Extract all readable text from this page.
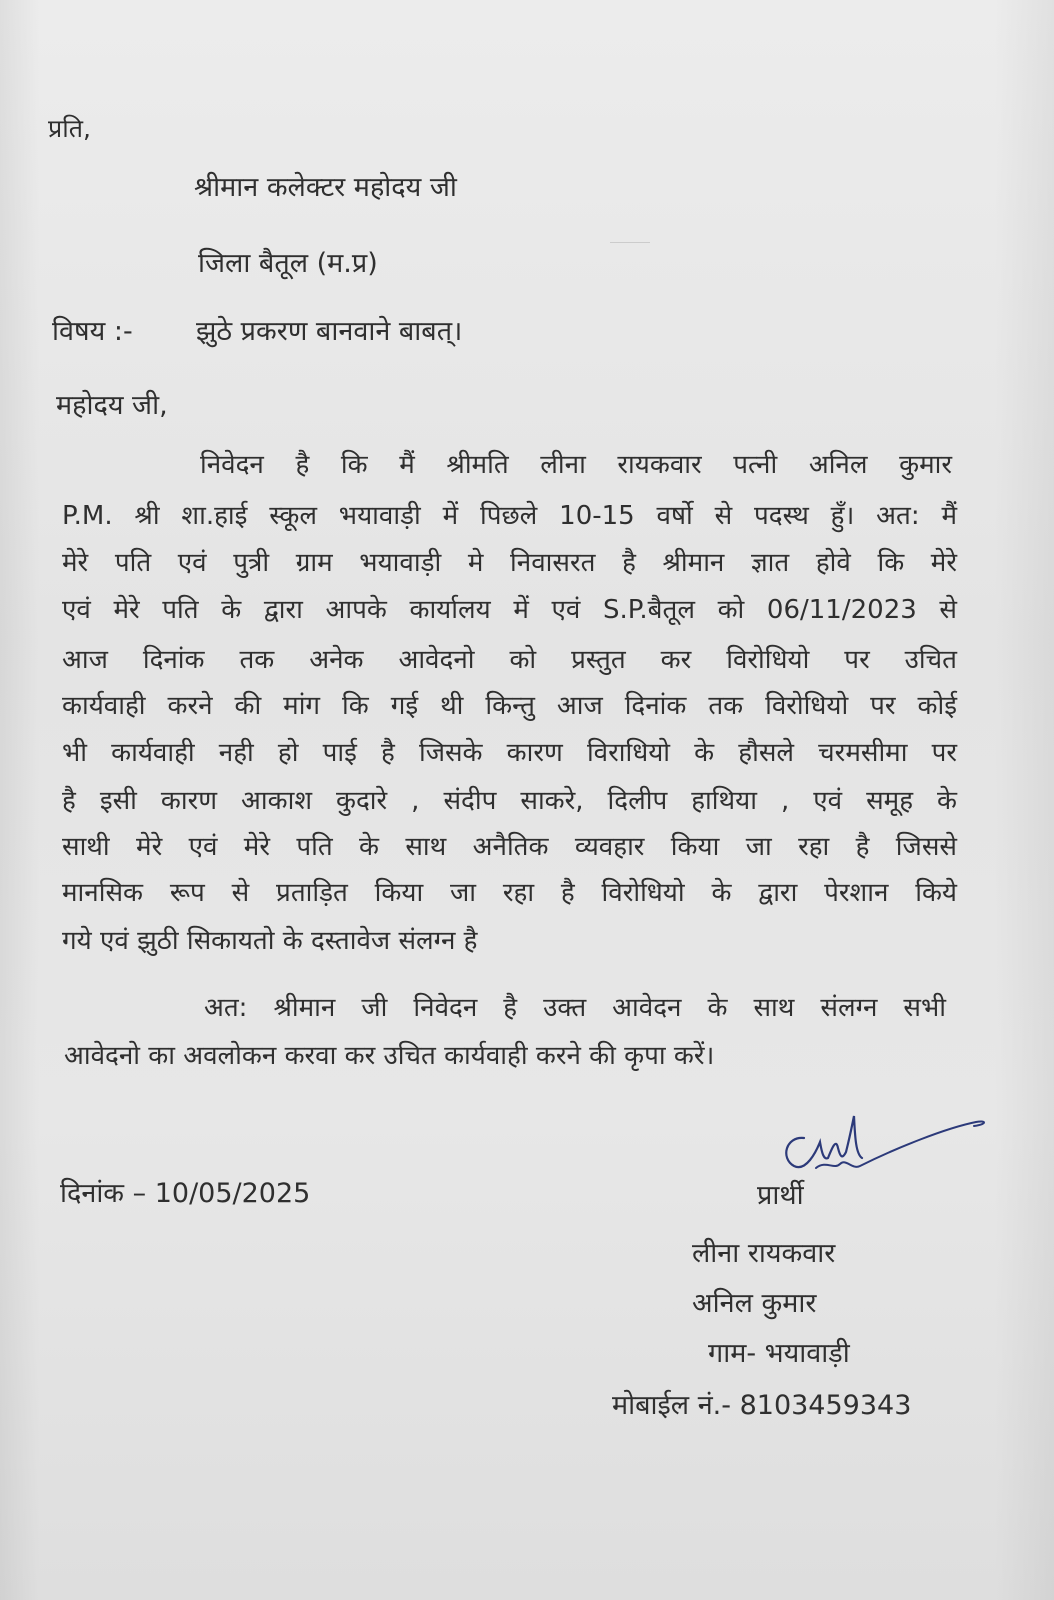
प्रति,
श्रीमान कलेक्टर महोदय जी
जिला बैतूल (म.प्र)
विषय :- झुठे प्रकरण बानवाने बाबत्।
महोदय जी,
निवेदन है कि मैं श्रीमति लीना रायकवार पत्नी अनिल कुमार
P.M. श्री शा.हाई स्कूल भयावाड़ी में पिछले 10-15 वर्षो से पदस्थ हुँ। अत: मैं
मेरे पति एवं पुत्री ग्राम भयावाड़ी मे निवासरत है श्रीमान ज्ञात होवे कि मेरे
एवं मेरे पति के द्वारा आपके कार्यालय में एवं S.P.बैतूल को 06/11/2023 से
आज दिनांक तक अनेक आवेदनो को प्रस्तुत कर विरोधियो पर उचित
कार्यवाही करने की मांग कि गई थी किन्तु आज दिनांक तक विरोधियो पर कोई
भी कार्यवाही नही हो पाई है जिसके कारण विराधियो के हौसले चरमसीमा पर
है इसी कारण आकाश कुदारे , संदीप साकरे, दिलीप हाथिया , एवं समूह के
साथी मेरे एवं मेरे पति के साथ अनैतिक व्यवहार किया जा रहा है जिससे
मानसिक रूप से प्रताड़ित किया जा रहा है विरोधियो के द्वारा पेरशान किये
गये एवं झुठी सिकायतो के दस्तावेज संलग्न है
अत: श्रीमान जी निवेदन है उक्त आवेदन के साथ संलग्न सभी
आवेदनो का अवलोकन करवा कर उचित कार्यवाही करने की कृपा करें।
दिनांक – 10/05/2025	प्रार्थी
लीना रायकवार
अनिल कुमार
गाम- भयावाड़ी
मोबाईल नं.- 8103459343
